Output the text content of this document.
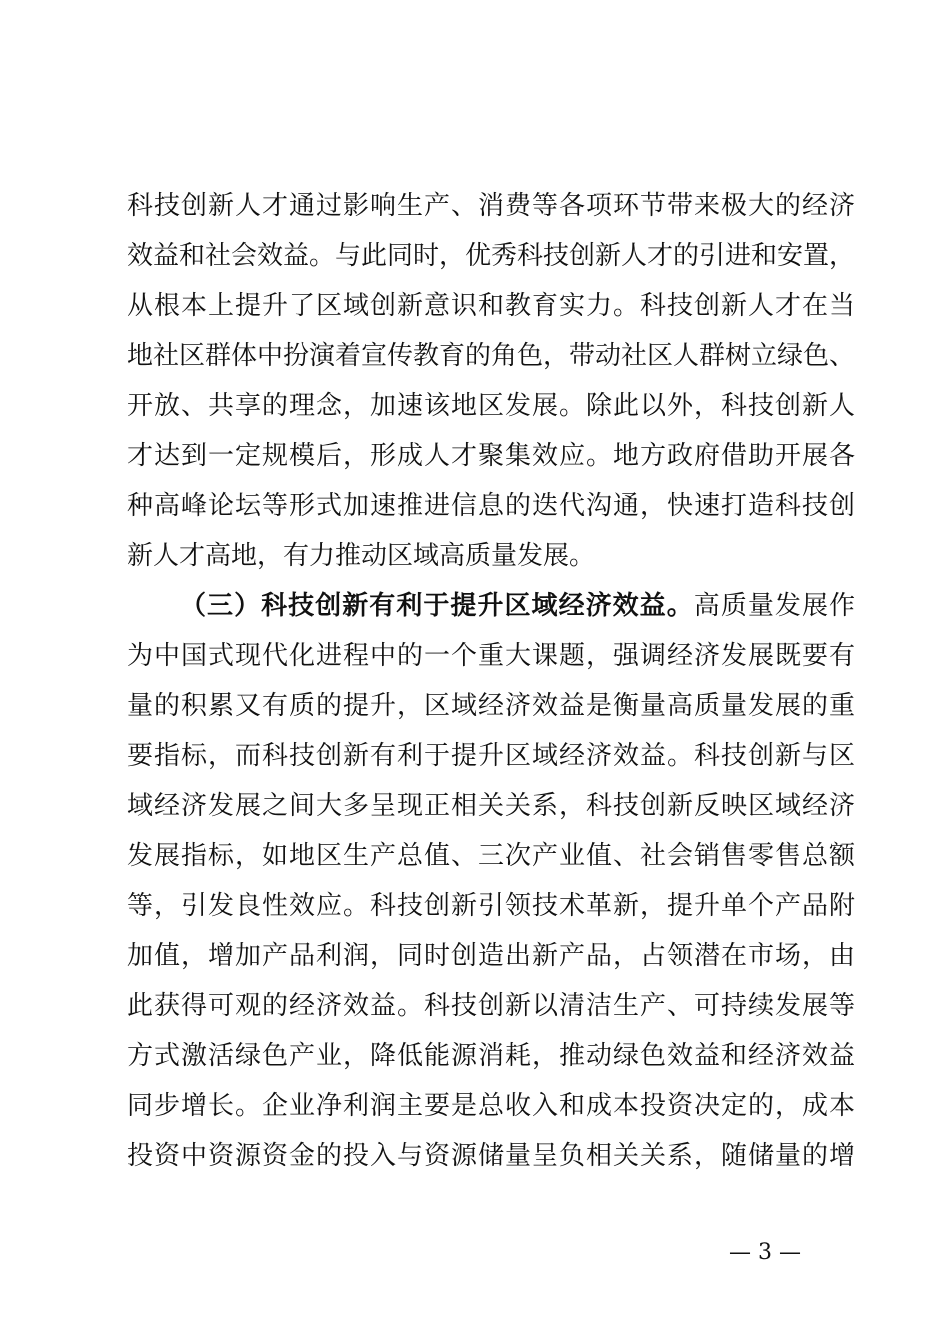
科技创新人才通过影响生产、消费等各项环节带来极大的经济
效益和社会效益。与此同时，优秀科技创新人才的引进和安置，
从根本上提升了区域创新意识和教育实力。科技创新人才在当
地社区群体中扮演着宣传教育的角色，带动社区人群树立绿色、
开放、共享的理念，加速该地区发展。除此以外，科技创新人
才达到一定规模后，形成人才聚集效应。地方政府借助开展各
种高峰论坛等形式加速推进信息的迭代沟通，快速打造科技创
新人才高地，有力推动区域高质量发展。
（三）科技创新有利于提升区域经济效益。高质量发展作
为中国式现代化进程中的一个重大课题，强调经济发展既要有
量的积累又有质的提升，区域经济效益是衡量高质量发展的重
要指标，而科技创新有利于提升区域经济效益。科技创新与区
域经济发展之间大多呈现正相关关系，科技创新反映区域经济
发展指标，如地区生产总值、三次产业值、社会销售零售总额
等，引发良性效应。科技创新引领技术革新，提升单个产品附
加值，增加产品利润，同时创造出新产品，占领潜在市场，由
此获得可观的经济效益。科技创新以清洁生产、可持续发展等
方式激活绿色产业，降低能源消耗，推动绿色效益和经济效益
同步增长。企业净利润主要是总收入和成本投资决定的，成本
投资中资源资金的投入与资源储量呈负相关关系，随储量的增
— 3 —
